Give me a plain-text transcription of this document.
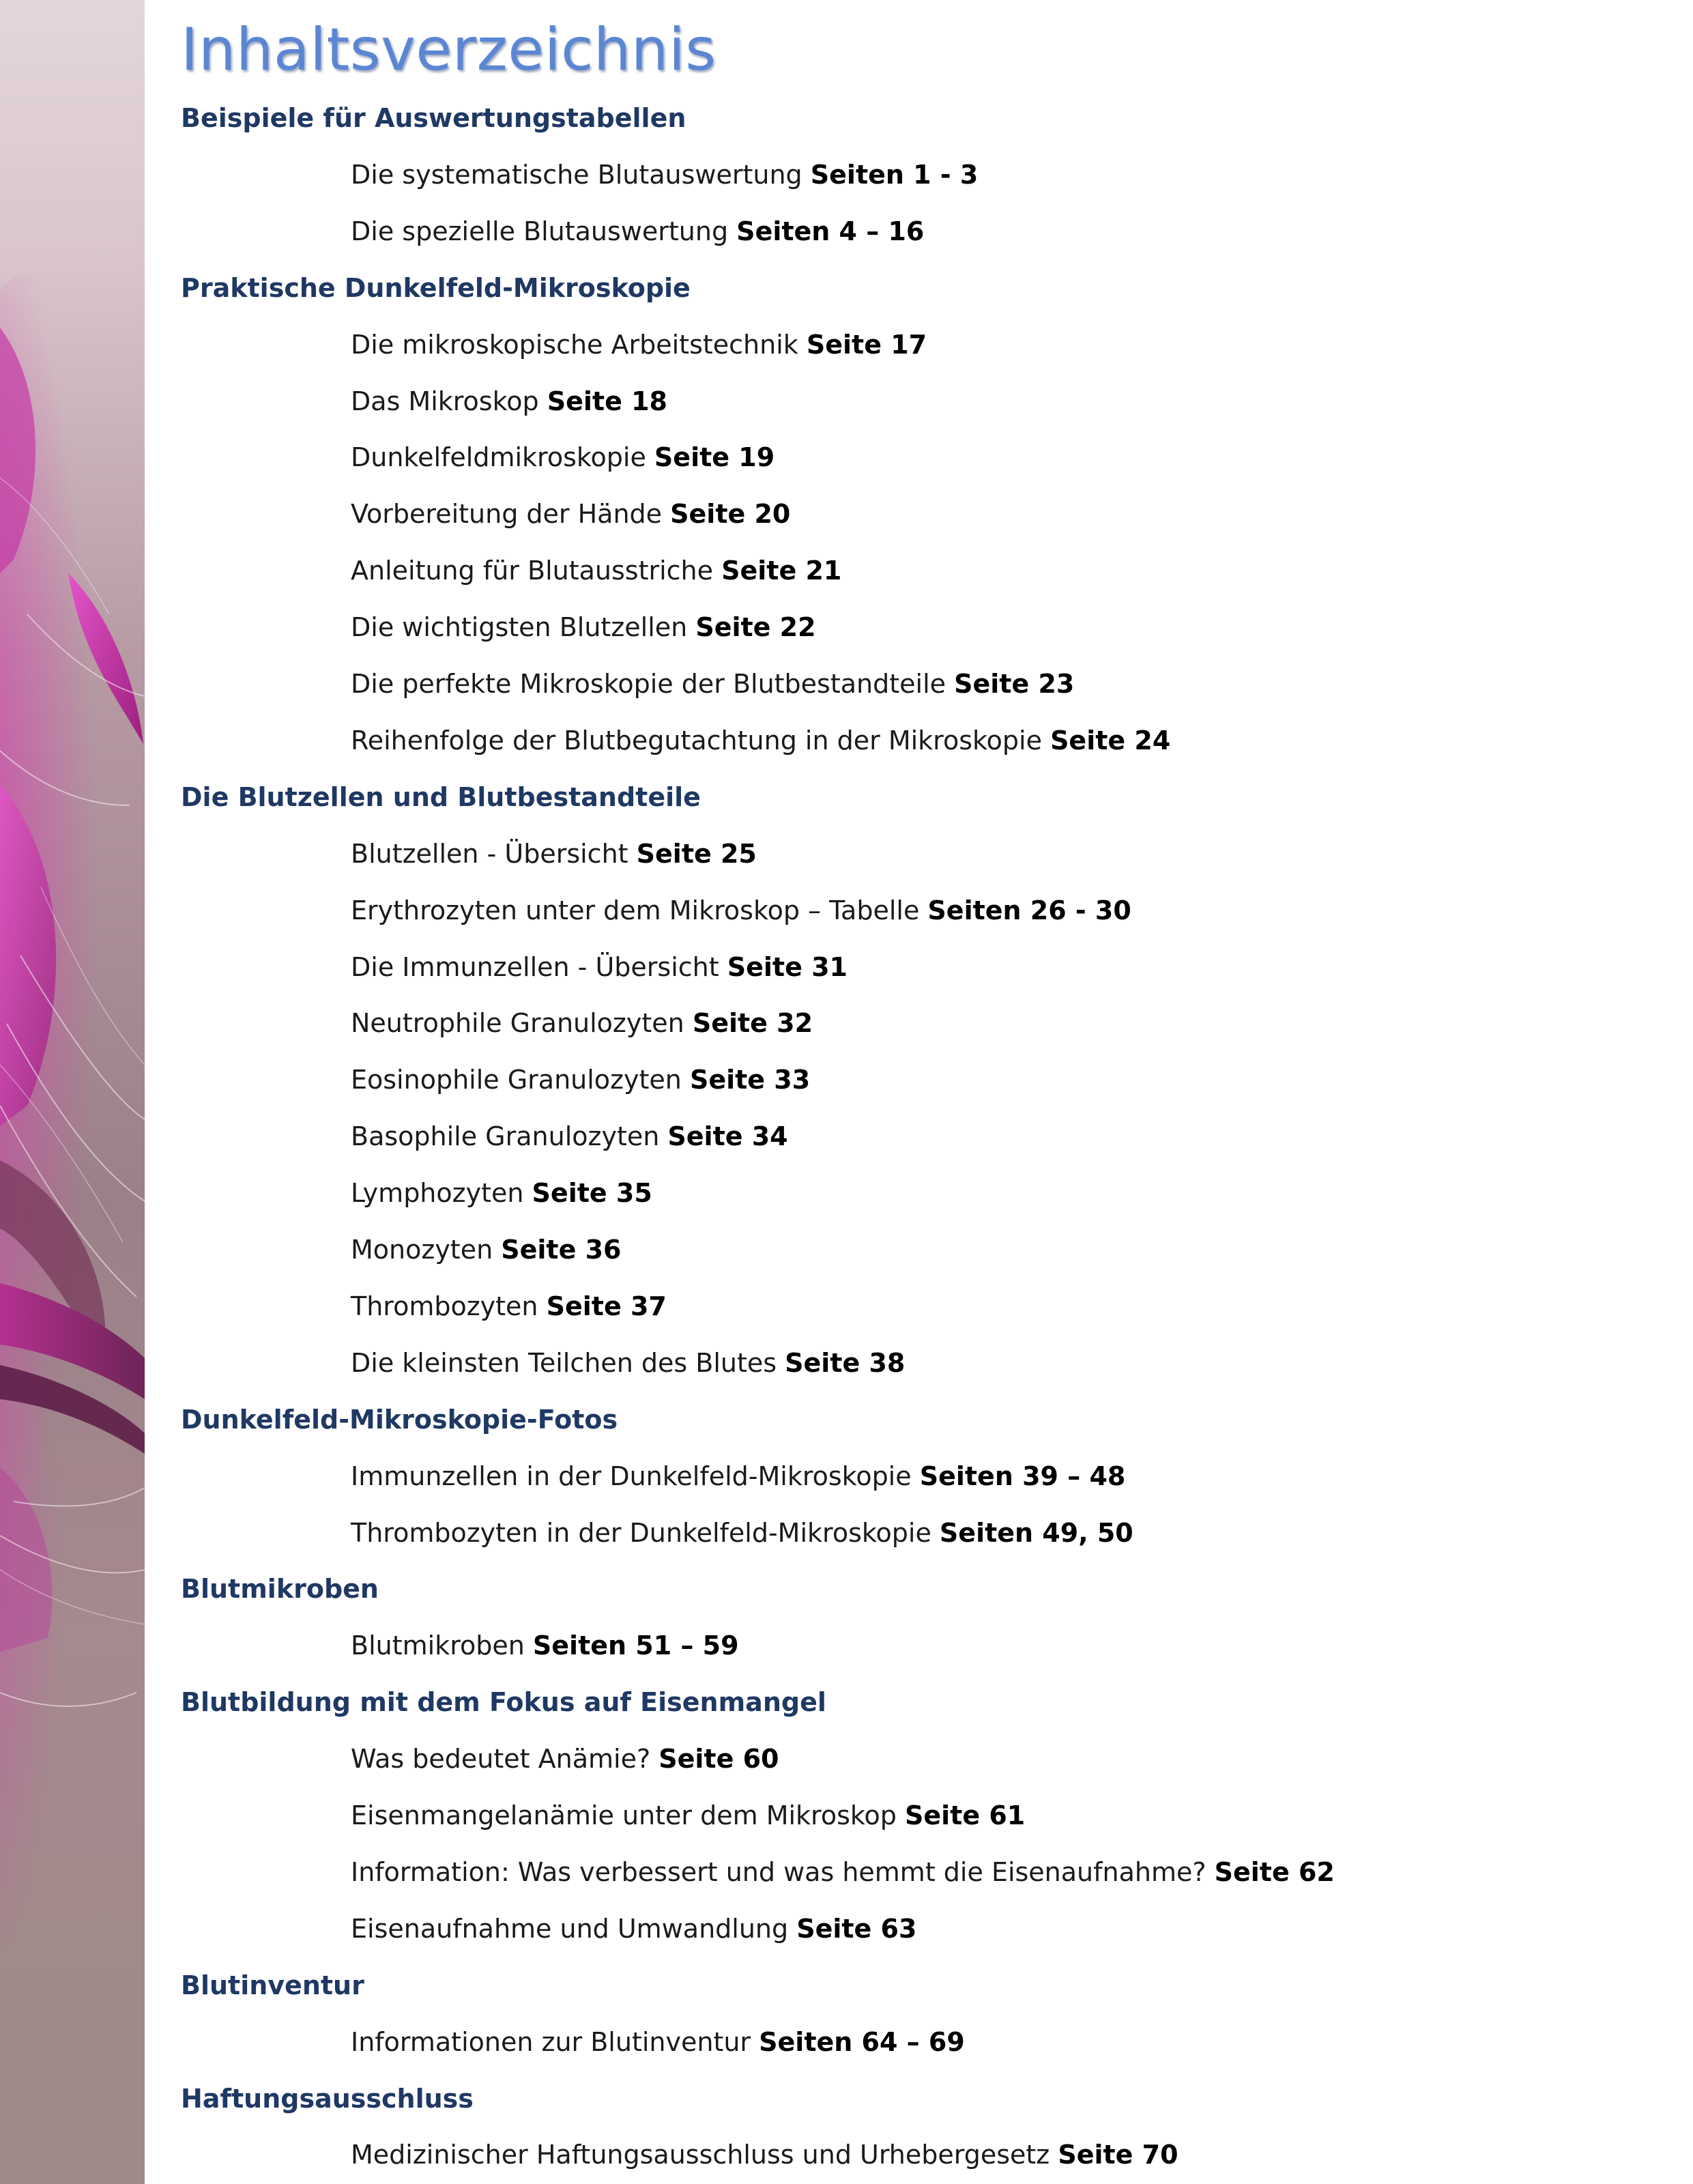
Inhaltsverzeichnis
Beispiele für Auswertungstabellen
Die systematische Blutauswertung Seiten 1 - 3
Die spezielle Blutauswertung Seiten 4 – 16
Praktische Dunkelfeld-Mikroskopie
Die mikroskopische Arbeitstechnik Seite 17
Das Mikroskop Seite 18
Dunkelfeldmikroskopie Seite 19
Vorbereitung der Hände Seite 20
Anleitung für Blutausstriche Seite 21
Die wichtigsten Blutzellen Seite 22
Die perfekte Mikroskopie der Blutbestandteile Seite 23
Reihenfolge der Blutbegutachtung in der Mikroskopie Seite 24
Die Blutzellen und Blutbestandteile
Blutzellen - Übersicht Seite 25
Erythrozyten unter dem Mikroskop – Tabelle Seiten 26 - 30
Die Immunzellen - Übersicht Seite 31
Neutrophile Granulozyten Seite 32
Eosinophile Granulozyten Seite 33
Basophile Granulozyten Seite 34
Lymphozyten Seite 35
Monozyten Seite 36
Thrombozyten Seite 37
Die kleinsten Teilchen des Blutes Seite 38
Dunkelfeld-Mikroskopie-Fotos
Immunzellen in der Dunkelfeld-Mikroskopie Seiten 39 – 48
Thrombozyten in der Dunkelfeld-Mikroskopie Seiten 49, 50
Blutmikroben
Blutmikroben Seiten 51 – 59
Blutbildung mit dem Fokus auf Eisenmangel
Was bedeutet Anämie? Seite 60
Eisenmangelanämie unter dem Mikroskop Seite 61
Information: Was verbessert und was hemmt die Eisenaufnahme? Seite 62
Eisenaufnahme und Umwandlung Seite 63
Blutinventur
Informationen zur Blutinventur Seiten 64 – 69
Haftungsausschluss
Medizinischer Haftungsausschluss und Urhebergesetz Seite 70
